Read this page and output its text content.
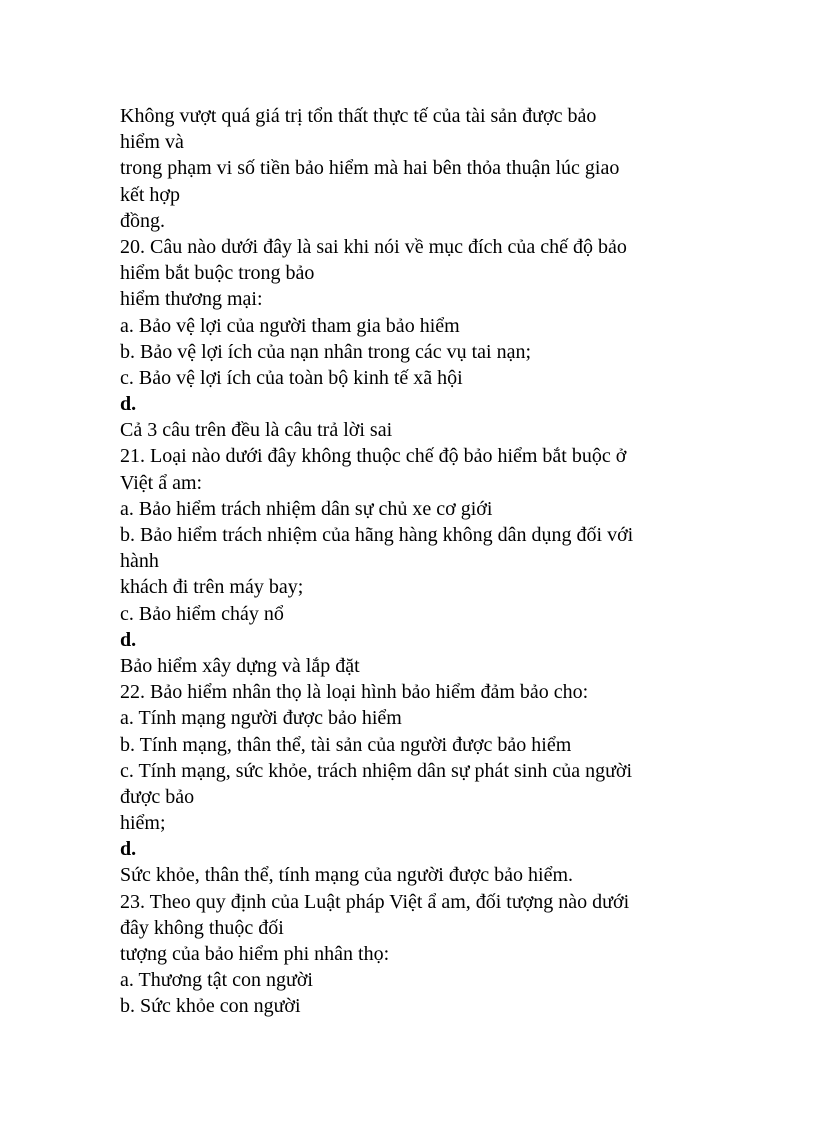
Không vượt quá giá trị tổn thất thực tế của tài sản được bảo
hiểm và
trong phạm vi số tiền bảo hiểm mà hai bên thỏa thuận lúc giao
kết hợp
đồng.
20. Câu nào dưới đây là sai khi nói về mục đích của chế độ bảo
hiểm bắt buộc trong bảo
hiểm thương mại:
a. Bảo vệ lợi của người tham gia bảo hiểm
b. Bảo vệ lợi ích của nạn nhân trong các vụ tai nạn;
c. Bảo vệ lợi ích của toàn bộ kinh tế xã hội
d.
Cả 3 câu trên đều là câu trả lời sai
21. Loại nào dưới đây không thuộc chế độ bảo hiểm bắt buộc ở
Việt ẩ am:
a. Bảo hiểm trách nhiệm dân sự chủ xe cơ giới
b. Bảo hiểm trách nhiệm của hãng hàng không dân dụng đối với
hành
khách đi trên máy bay;
c. Bảo hiểm cháy nổ
d.
Bảo hiểm xây dựng và lắp đặt
22. Bảo hiểm nhân thọ là loại hình bảo hiểm đảm bảo cho:
a. Tính mạng người được bảo hiểm
b. Tính mạng, thân thể, tài sản của người được bảo hiểm
c. Tính mạng, sức khỏe, trách nhiệm dân sự phát sinh của người
được bảo
hiểm;
d.
Sức khỏe, thân thể, tính mạng của người được bảo hiểm.
23. Theo quy định của Luật pháp Việt ẩ am, đối tượng nào dưới
đây không thuộc đối
tượng của bảo hiểm phi nhân thọ:
a. Thương tật con người
b. Sức khỏe con người
